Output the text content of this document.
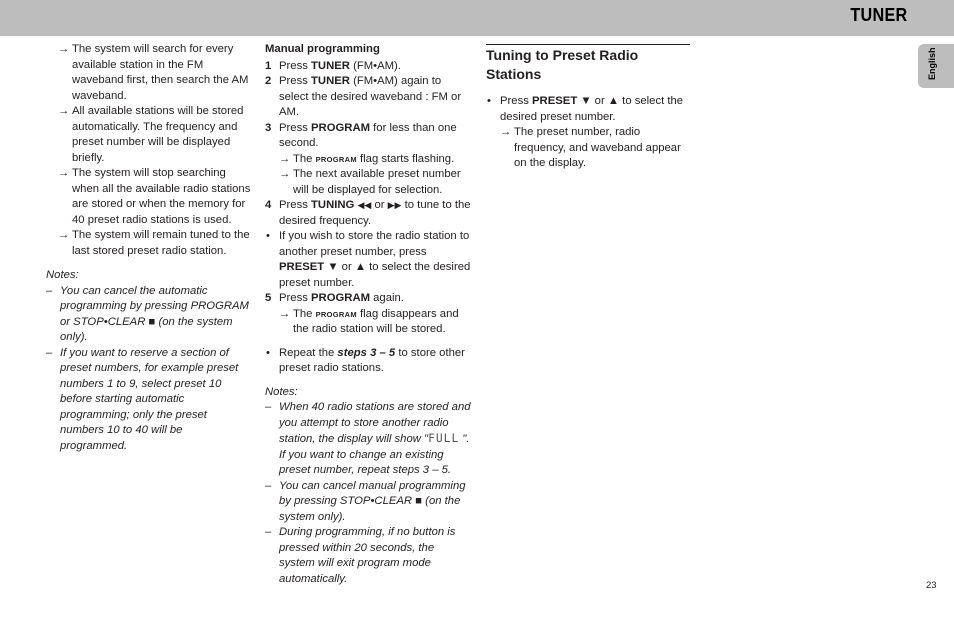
TUNER
English
→ The system will search for every available station in the FM waveband first, then search the AM waveband.
→ All available stations will be stored automatically. The frequency and preset number will be displayed briefly.
→ The system will stop searching when all the available radio stations are stored or when the memory for 40 preset radio stations is used.
→ The system will remain tuned to the last stored preset radio station.
Notes:
– You can cancel the automatic programming by pressing PROGRAM or STOP•CLEAR ■ (on the system only).
– If you want to reserve a section of preset numbers, for example preset numbers 1 to 9, select preset 10 before starting automatic programming; only the preset numbers 10 to 40 will be programmed.
Manual programming
1 Press TUNER (FM•AM).
2 Press TUNER (FM•AM) again to select the desired waveband : FM or AM.
3 Press PROGRAM for less than one second.
→ The PROGRAM flag starts flashing.
→ The next available preset number will be displayed for selection.
4 Press TUNING ◀◀ or ▶▶ to tune to the desired frequency.
• If you wish to store the radio station to another preset number, press PRESET ▼ or ▲ to select the desired preset number.
5 Press PROGRAM again.
→ The PROGRAM flag disappears and the radio station will be stored.
• Repeat the steps 3 – 5 to store other preset radio stations.
Notes:
– When 40 radio stations are stored and you attempt to store another radio station, the display will show "FULL ". If you want to change an existing preset number, repeat steps 3 – 5.
– You can cancel manual programming by pressing STOP•CLEAR ■ (on the system only).
– During programming, if no button is pressed within 20 seconds, the system will exit program mode automatically.
Tuning to Preset Radio Stations
• Press PRESET ▼ or ▲ to select the desired preset number.
→ The preset number, radio frequency, and waveband appear on the display.
23
